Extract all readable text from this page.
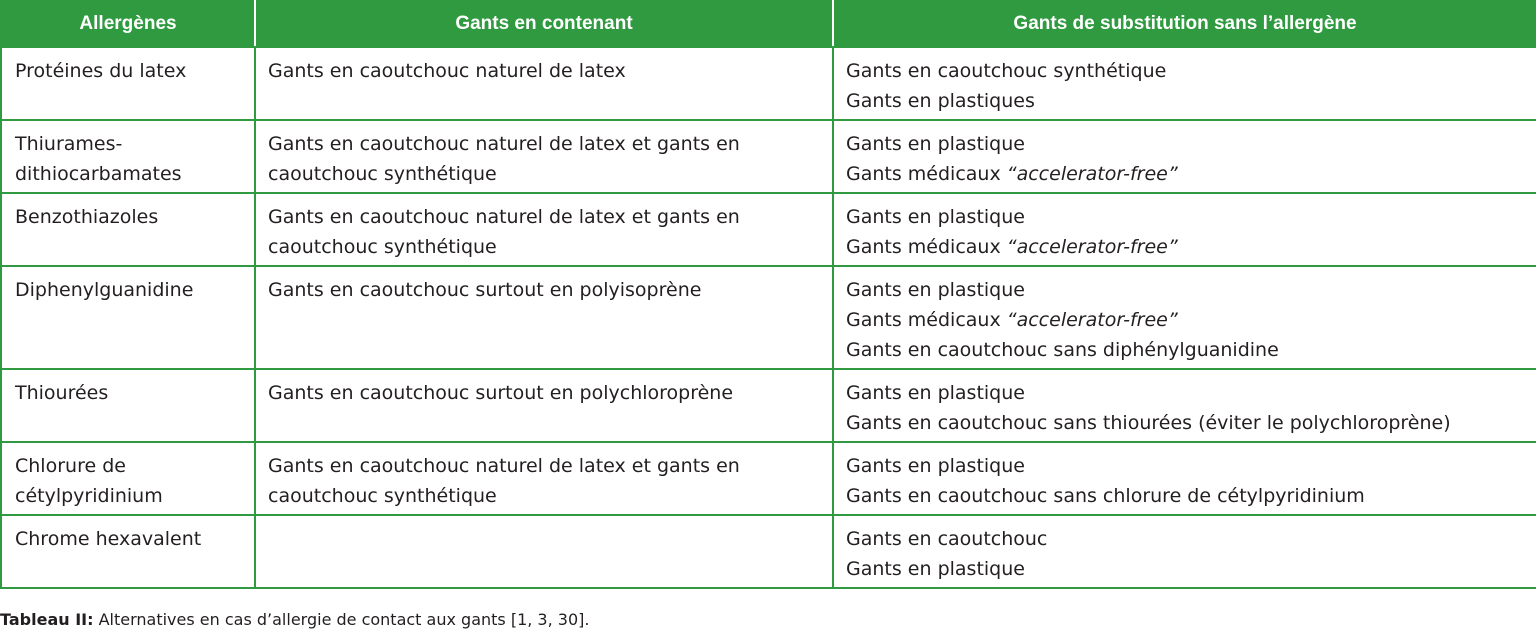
Allergènes	Gants en contenant	Gants de substitution sans l’allergène

Protéines du latex	Gants en caoutchouc naturel de latex	Gants en caoutchouc synthétique
Gants en plastiques

Thiurames-
dithiocarbamates	Gants en caoutchouc naturel de latex et gants en
caoutchouc synthétique	Gants en plastique
Gants médicaux “accelerator-free”

Benzothiazoles	Gants en caoutchouc naturel de latex et gants en
caoutchouc synthétique	Gants en plastique
Gants médicaux “accelerator-free”

Diphenylguanidine	Gants en caoutchouc surtout en polyisoprène	Gants en plastique
Gants médicaux “accelerator-free”
Gants en caoutchouc sans diphénylguanidine

Thiourées	Gants en caoutchouc surtout en polychloroprène	Gants en plastique
Gants en caoutchouc sans thiourées (éviter le polychloroprène)

Chlorure de
cétylpyridinium	Gants en caoutchouc naturel de latex et gants en
caoutchouc synthétique	Gants en plastique
Gants en caoutchouc sans chlorure de cétylpyridinium

Chrome hexavalent		Gants en caoutchouc
Gants en plastique
Tableau II: Alternatives en cas d’allergie de contact aux gants [1, 3, 30].
